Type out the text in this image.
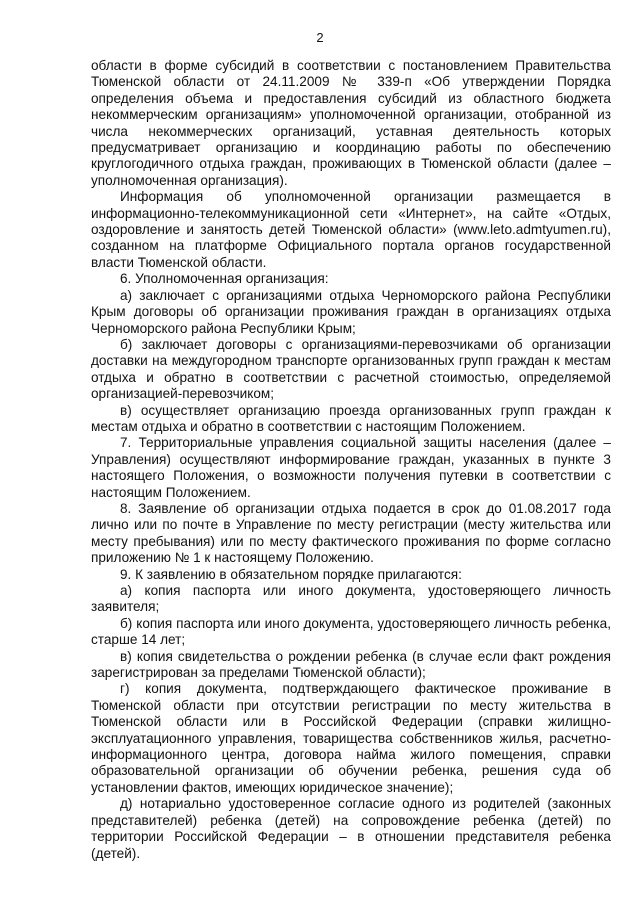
2

области в форме субсидий в соответствии с постановлением Правительства Тюменской области от 24.11.2009 № 339-п «Об утверждении Порядка определения объема и предоставления субсидий из областного бюджета некоммерческим организациям» уполномоченной организации, отобранной из числа некоммерческих организаций, уставная деятельность которых предусматривает организацию и координацию работы по обеспечению круглогодичного отдыха граждан, проживающих в Тюменской области (далее – уполномоченная организация).

Информация об уполномоченной организации размещается в информационно-телекоммуникационной сети «Интернет», на сайте «Отдых, оздоровление и занятость детей Тюменской области» (www.leto.admtyumen.ru), созданном на платформе Официального портала органов государственной власти Тюменской области.

6. Уполномоченная организация:

а) заключает с организациями отдыха Черноморского района Республики Крым договоры об организации проживания граждан в организациях отдыха Черноморского района Республики Крым;

б) заключает договоры с организациями-перевозчиками об организации доставки на междугородном транспорте организованных групп граждан к местам отдыха и обратно в соответствии с расчетной стоимостью, определяемой организацией-перевозчиком;

в) осуществляет организацию проезда организованных групп граждан к местам отдыха и обратно в соответствии с настоящим Положением.

7. Территориальные управления социальной защиты населения (далее – Управления) осуществляют информирование граждан, указанных в пункте 3 настоящего Положения, о возможности получения путевки в соответствии с настоящим Положением.

8. Заявление об организации отдыха подается в срок до 01.08.2017 года лично или по почте в Управление по месту регистрации (месту жительства или месту пребывания) или по месту фактического проживания по форме согласно приложению № 1 к настоящему Положению.

9. К заявлению в обязательном порядке прилагаются:

а) копия паспорта или иного документа, удостоверяющего личность заявителя;

б) копия паспорта или иного документа, удостоверяющего личность ребенка, старше 14 лет;

в) копия свидетельства о рождении ребенка (в случае если факт рождения зарегистрирован за пределами Тюменской области);

г) копия документа, подтверждающего фактическое проживание в Тюменской области при отсутствии регистрации по месту жительства в Тюменской области или в Российской Федерации (справки жилищно-эксплуатационного управления, товарищества собственников жилья, расчетно-информационного центра, договора найма жилого помещения, справки образовательной организации об обучении ребенка, решения суда об установлении фактов, имеющих юридическое значение);

д) нотариально удостоверенное согласие одного из родителей (законных представителей) ребенка (детей) на сопровождение ребенка (детей) по территории Российской Федерации – в отношении представителя ребенка (детей).
